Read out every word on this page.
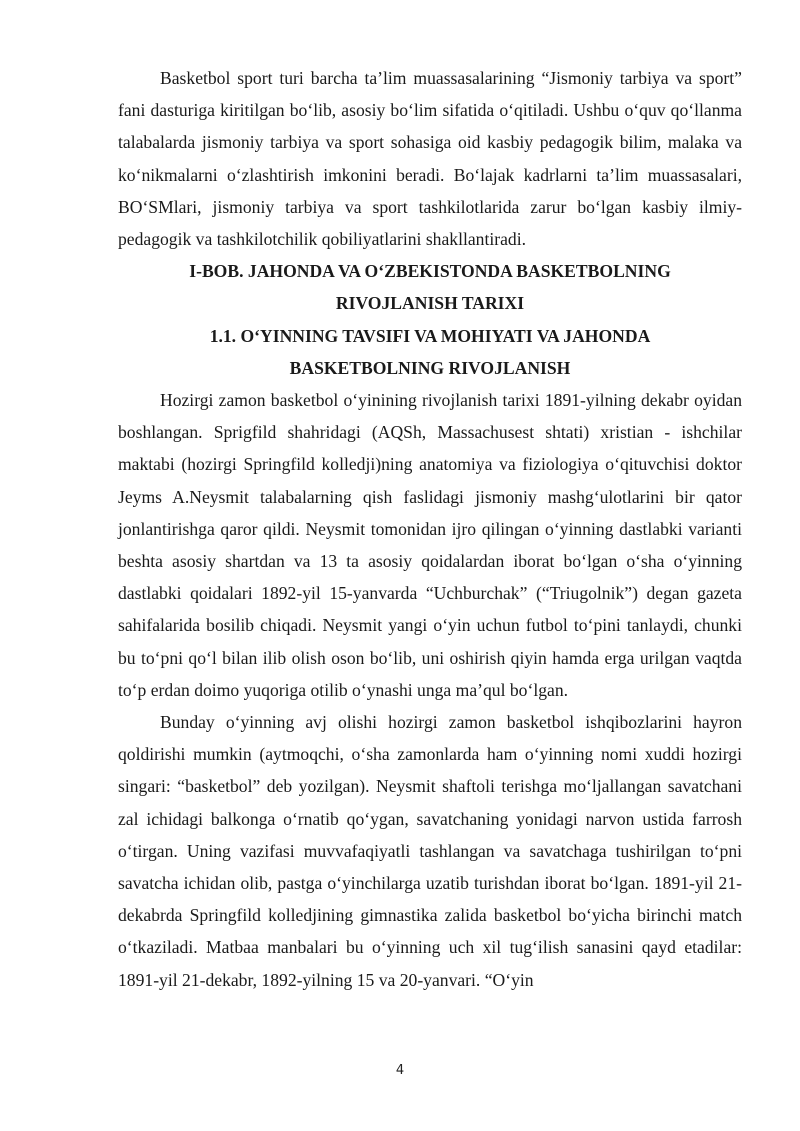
Basketbol sport turi barcha ta’lim muassasalarining “Jismoniy tarbiya va sport” fani dasturiga kiritilgan bo‘lib, asosiy bo‘lim sifatida o‘qitiladi. Ushbu o‘quv qo‘llanma talabalarda jismoniy tarbiya va sport sohasiga oid kasbiy pedagogik bilim, malaka va ko‘nikmalarni o‘zlashtirish imkonini beradi. Bo‘lajak kadrlarni ta’lim muassasalari, BO‘SMlari, jismoniy tarbiya va sport tashkilotlarida zarur bo‘lgan kasbiy ilmiy-pedagogik va tashkilotchilik qobiliyatlarini shakllantiradi.

I-BOB. JAHONDA VA O‘ZBEKISTONDA BASKETBOLNING

RIVOJLANISH TARIXI

1.1. O‘YINNING TAVSIFI VA MOHIYATI VA JAHONDA

BASKETBOLNING RIVOJLANISH

Hozirgi zamon basketbol o‘yinining rivojlanish tarixi 1891-yilning dekabr oyidan boshlangan. Sprigfild shahridagi (AQSh, Massachusest shtati) xristian - ishchilar maktabi (hozirgi Springfild kolledji)ning anatomiya va fiziologiya o‘qituvchisi doktor Jeyms A.Neysmit talabalarning qish faslidagi jismoniy mashg‘ulotlarini bir qator jonlantirishga qaror qildi. Neysmit tomonidan ijro qilingan o‘yinning dastlabki varianti beshta asosiy shartdan va 13 ta asosiy qoidalardan iborat bo‘lgan o‘sha o‘yinning dastlabki qoidalari 1892-yil 15-yanvarda “Uchburchak” (“Triugolnik”) degan gazeta sahifalarida bosilib chiqadi. Neysmit yangi o‘yin uchun futbol to‘pini tanlaydi, chunki bu to‘pni qo‘l bilan ilib olish oson bo‘lib, uni oshirish qiyin hamda erga urilgan vaqtda to‘p erdan doimo yuqoriga otilib o‘ynashi unga ma’qul bo‘lgan.

Bunday o‘yinning avj olishi hozirgi zamon basketbol ishqibozlarini hayron qoldirishi mumkin (aytmoqchi, o‘sha zamonlarda ham o‘yinning nomi xuddi hozirgi singari: “basketbol” deb yozilgan). Neysmit shaftoli terishga mo‘ljallangan savatchani zal ichidagi balkonga o‘rnatib qo‘ygan, savatchaning yonidagi narvon ustida farrosh o‘tirgan. Uning vazifasi muvvafaqiyatli tashlangan va savatchaga tushirilgan to‘pni savatcha ichidan olib, pastga o‘yinchilarga uzatib turishdan iborat bo‘lgan. 1891-yil 21-dekabrda Springfild kolledjining gimnastika zalida basketbol bo‘yicha birinchi match o‘tkaziladi. Matbaa manbalari bu o‘yinning uch xil tug‘ilish sanasini qayd etadilar: 1891-yil 21-dekabr, 1892-yilning 15 va 20-yanvari. “O‘yin

4
